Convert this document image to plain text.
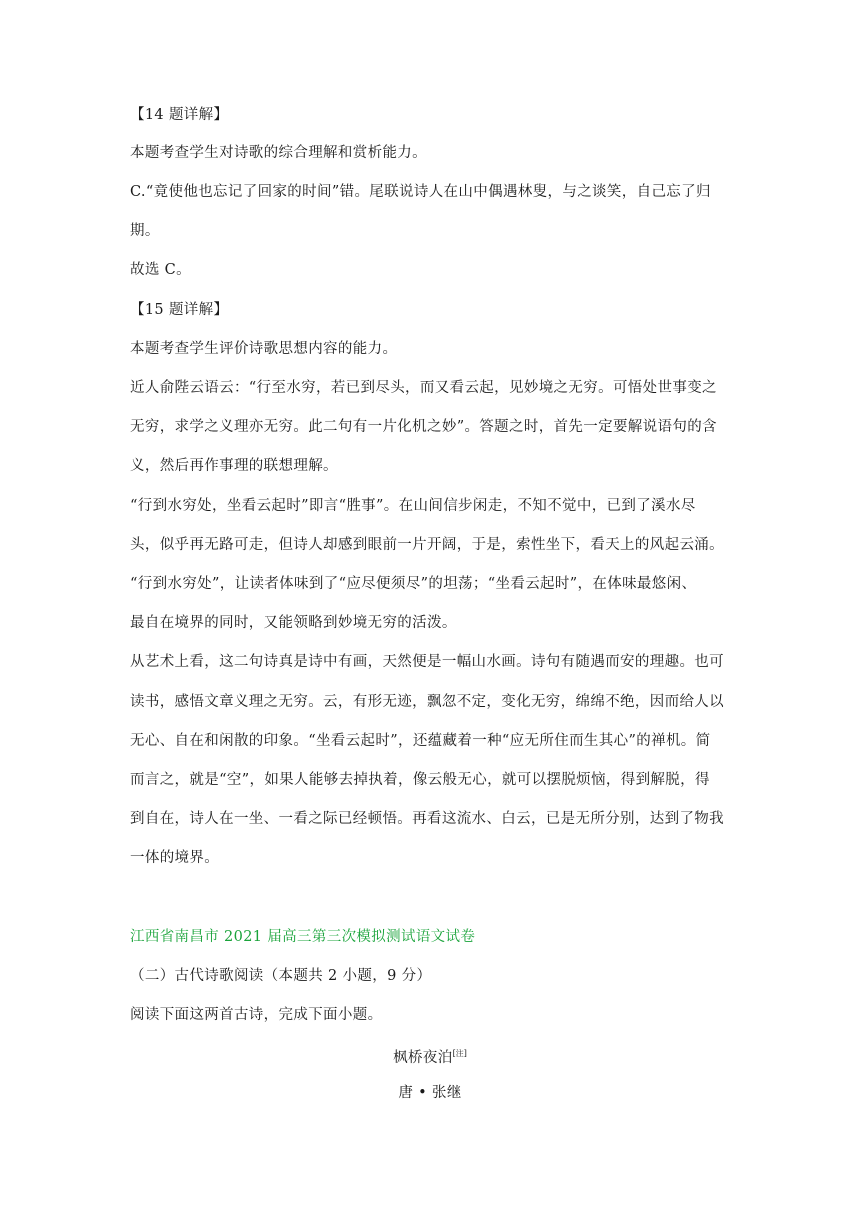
【14 题详解】
本题考查学生对诗歌的综合理解和赏析能力。
C.“竟使他也忘记了回家的时间”错。尾联说诗人在山中偶遇林叟，与之谈笑，自己忘了归
期。
故选 C。
【15 题详解】
本题考查学生评价诗歌思想内容的能力。
近人俞陛云语云：“行至水穷，若已到尽头，而又看云起，见妙境之无穷。可悟处世事变之
无穷，求学之义理亦无穷。此二句有一片化机之妙”。答题之时，首先一定要解说语句的含
义，然后再作事理的联想理解。
“行到水穷处，坐看云起时”即言“胜事”。在山间信步闲走，不知不觉中，已到了溪水尽
头，似乎再无路可走，但诗人却感到眼前一片开阔，于是，索性坐下，看天上的风起云涌。
“行到水穷处”，让读者体味到了“应尽便须尽”的坦荡；“坐看云起时”，在体味最悠闲、
最自在境界的同时，又能领略到妙境无穷的活泼。
从艺术上看，这二句诗真是诗中有画，天然便是一幅山水画。诗句有随遇而安的理趣。也可
读书，感悟文章义理之无穷。云，有形无迹，飘忽不定，变化无穷，绵绵不绝，因而给人以
无心、自在和闲散的印象。“坐看云起时”，还蕴藏着一种“应无所住而生其心”的禅机。简
而言之，就是“空”，如果人能够去掉执着，像云般无心，就可以摆脱烦恼，得到解脱，得
到自在，诗人在一坐、一看之际已经顿悟。再看这流水、白云，已是无所分别，达到了物我
一体的境界。
江西省南昌市 2021 届高三第三次模拟测试语文试卷
（二）古代诗歌阅读（本题共 2 小题，9 分）
阅读下面这两首古诗，完成下面小题。
枫桥夜泊[注]
唐 • 张继
